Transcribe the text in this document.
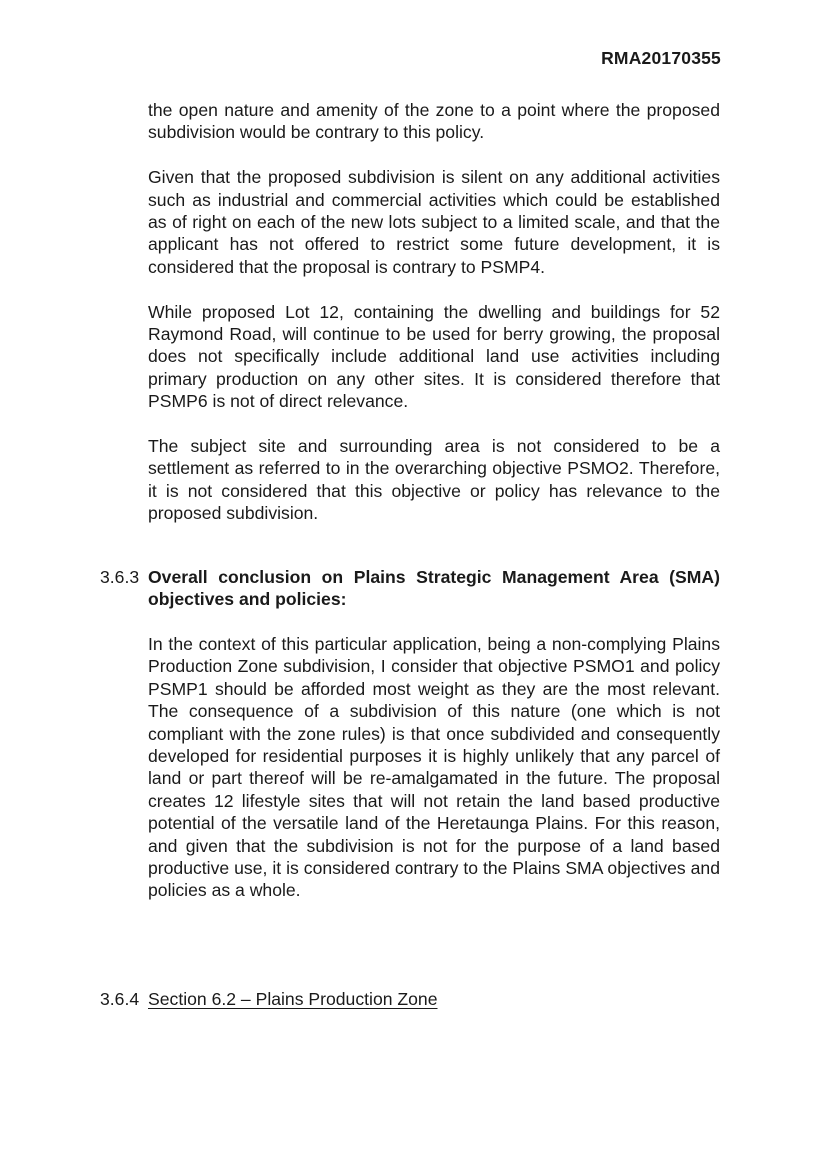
RMA20170355

the open nature and amenity of the zone to a point where the proposed subdivision would be contrary to this policy.

Given that the proposed subdivision is silent on any additional activities such as industrial and commercial activities which could be established as of right on each of the new lots subject to a limited scale, and that the applicant has not offered to restrict some future development, it is considered that the proposal is contrary to PSMP4.

While proposed Lot 12, containing the dwelling and buildings for 52 Raymond Road, will continue to be used for berry growing, the proposal does not specifically include additional land use activities including primary production on any other sites. It is considered therefore that PSMP6 is not of direct relevance.

The subject site and surrounding area is not considered to be a settlement as referred to in the overarching objective PSMO2. Therefore, it is not considered that this objective or policy has relevance to the proposed subdivision.

3.6.3 Overall conclusion on Plains Strategic Management Area (SMA) objectives and policies:

In the context of this particular application, being a non-complying Plains Production Zone subdivision, I consider that objective PSMO1 and policy PSMP1 should be afforded most weight as they are the most relevant. The consequence of a subdivision of this nature (one which is not compliant with the zone rules) is that once subdivided and consequently developed for residential purposes it is highly unlikely that any parcel of land or part thereof will be re-amalgamated in the future. The proposal creates 12 lifestyle sites that will not retain the land based productive potential of the versatile land of the Heretaunga Plains. For this reason, and given that the subdivision is not for the purpose of a land based productive use, it is considered contrary to the Plains SMA objectives and policies as a whole.

3.6.4 Section 6.2 – Plains Production Zone
